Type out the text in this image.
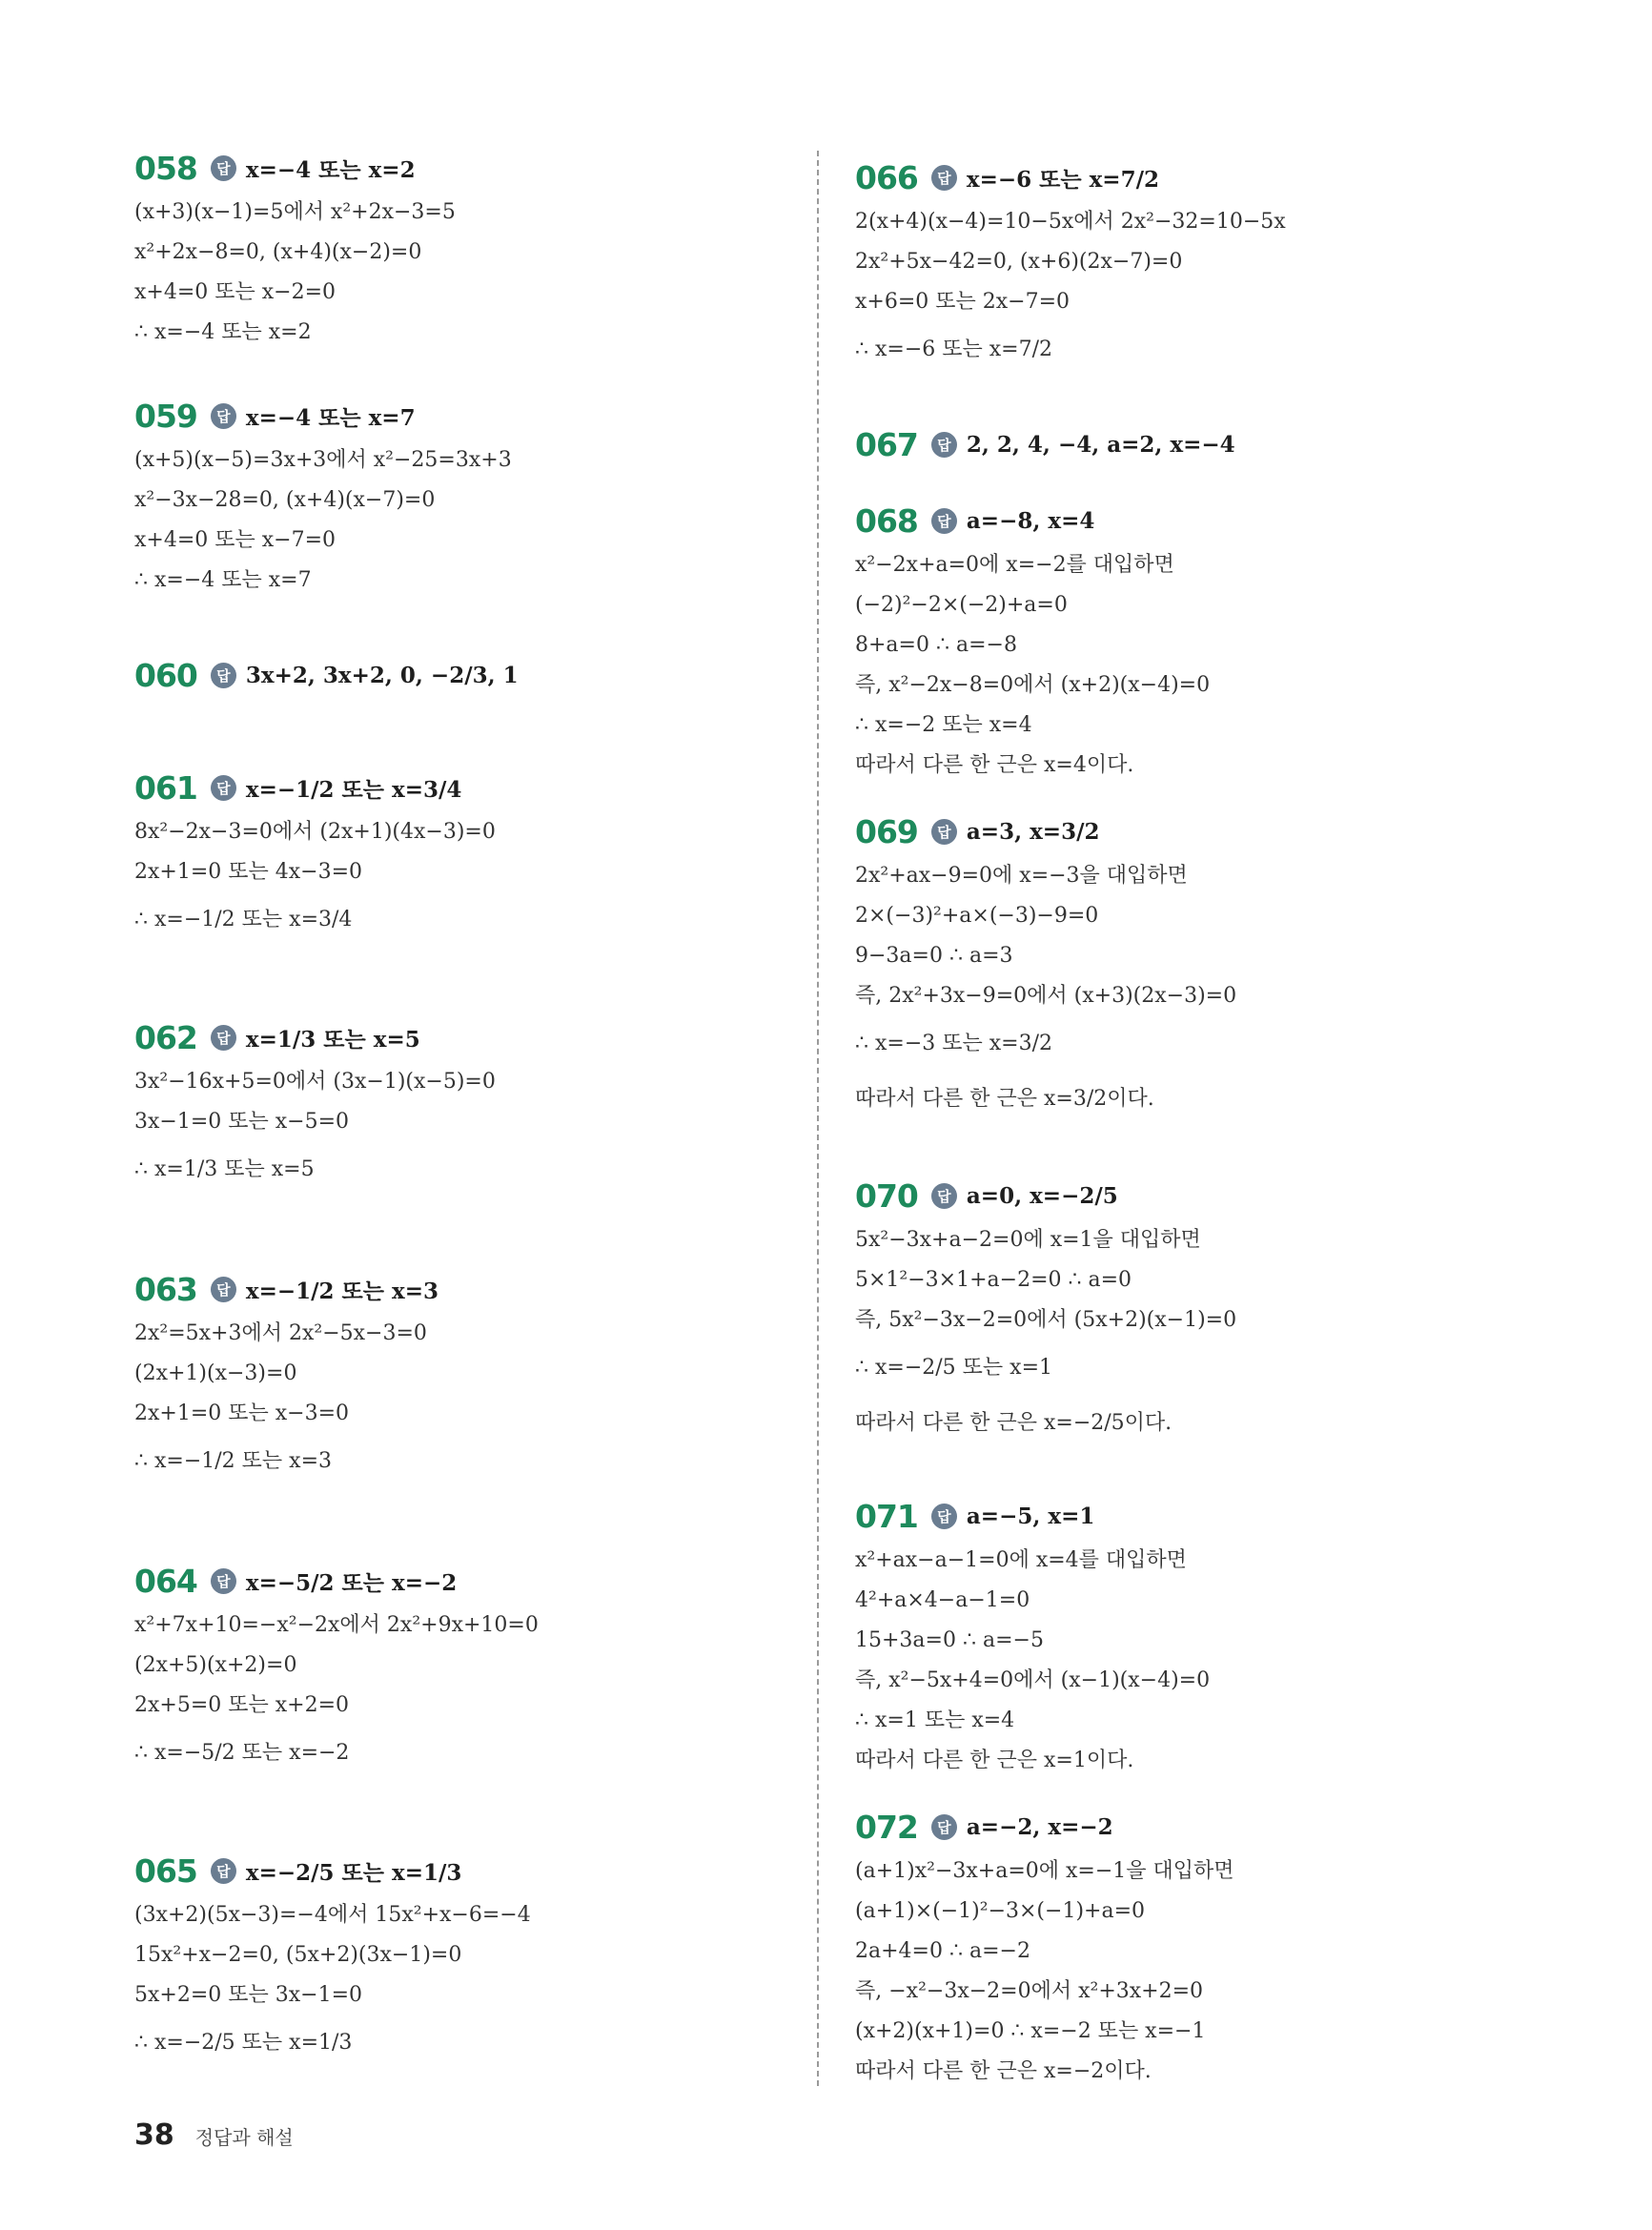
058	답 x=−4 또는 x=2
(x+3)(x−1)=5에서 x²+2x−3=5
x²+2x−8=0, (x+4)(x−2)=0
x+4=0 또는 x−2=0
∴ x=−4 또는 x=2
059	답 x=−4 또는 x=7
(x+5)(x−5)=3x+3에서 x²−25=3x+3
x²−3x−28=0, (x+4)(x−7)=0
x+4=0 또는 x−7=0
∴ x=−4 또는 x=7
060	답 3x+2, 3x+2, 0, −2/3, 1
061	답 x=−1/2 또는 x=3/4
8x²−2x−3=0에서 (2x+1)(4x−3)=0
2x+1=0 또는 4x−3=0
∴ x=−1/2 또는 x=3/4
062	답 x=1/3 또는 x=5
3x²−16x+5=0에서 (3x−1)(x−5)=0
3x−1=0 또는 x−5=0
∴ x=1/3 또는 x=5
063	답 x=−1/2 또는 x=3
2x²=5x+3에서 2x²−5x−3=0
(2x+1)(x−3)=0
2x+1=0 또는 x−3=0
∴ x=−1/2 또는 x=3
064	답 x=−5/2 또는 x=−2
x²+7x+10=−x²−2x에서 2x²+9x+10=0
(2x+5)(x+2)=0
2x+5=0 또는 x+2=0
∴ x=−5/2 또는 x=−2
065	답 x=−2/5 또는 x=1/3
(3x+2)(5x−3)=−4에서 15x²+x−6=−4
15x²+x−2=0, (5x+2)(3x−1)=0
5x+2=0 또는 3x−1=0
∴ x=−2/5 또는 x=1/3
066	답 x=−6 또는 x=7/2
2(x+4)(x−4)=10−5x에서 2x²−32=10−5x
2x²+5x−42=0, (x+6)(2x−7)=0
x+6=0 또는 2x−7=0
∴ x=−6 또는 x=7/2
067	답 2, 2, 4, −4, a=2, x=−4
068	답 a=−8, x=4
x²−2x+a=0에 x=−2를 대입하면
(−2)²−2×(−2)+a=0
8+a=0 ∴ a=−8
즉, x²−2x−8=0에서 (x+2)(x−4)=0
∴ x=−2 또는 x=4
따라서 다른 한 근은 x=4이다.
069	답 a=3, x=3/2
2x²+ax−9=0에 x=−3을 대입하면
2×(−3)²+a×(−3)−9=0
9−3a=0 ∴ a=3
즉, 2x²+3x−9=0에서 (x+3)(2x−3)=0
∴ x=−3 또는 x=3/2
따라서 다른 한 근은 x=3/2이다.
070	답 a=0, x=−2/5
5x²−3x+a−2=0에 x=1을 대입하면
5×1²−3×1+a−2=0 ∴ a=0
즉, 5x²−3x−2=0에서 (5x+2)(x−1)=0
∴ x=−2/5 또는 x=1
따라서 다른 한 근은 x=−2/5이다.
071	답 a=−5, x=1
x²+ax−a−1=0에 x=4를 대입하면
4²+a×4−a−1=0
15+3a=0 ∴ a=−5
즉, x²−5x+4=0에서 (x−1)(x−4)=0
∴ x=1 또는 x=4
따라서 다른 한 근은 x=1이다.
072	답 a=−2, x=−2
(a+1)x²−3x+a=0에 x=−1을 대입하면
(a+1)×(−1)²−3×(−1)+a=0
2a+4=0 ∴ a=−2
즉, −x²−3x−2=0에서 x²+3x+2=0
(x+2)(x+1)=0 ∴ x=−2 또는 x=−1
따라서 다른 한 근은 x=−2이다.
38 정답과 해설
